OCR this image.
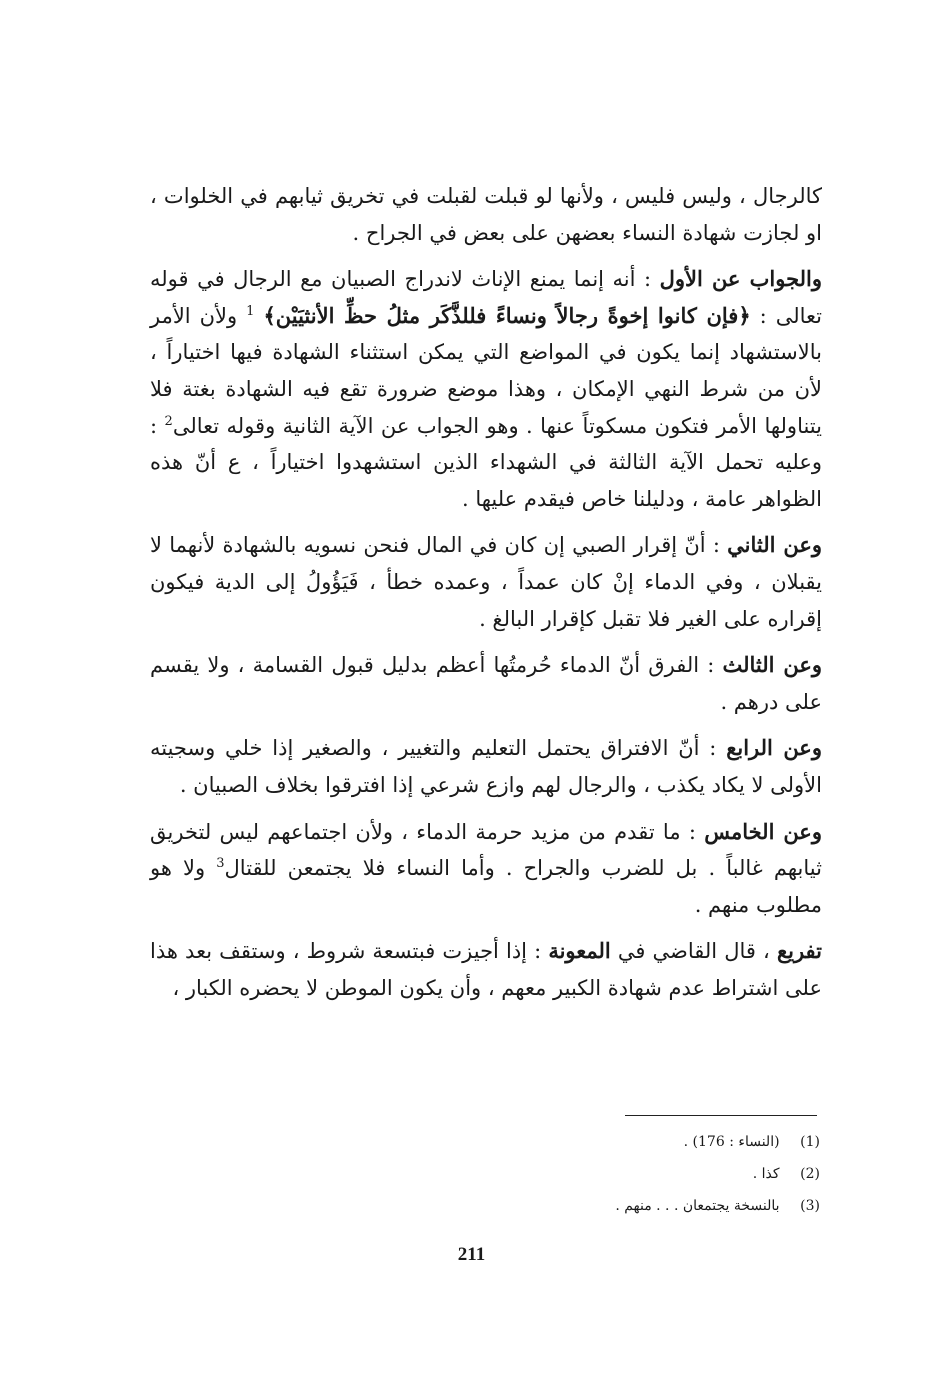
كالرجال ، وليس فليس ، ولأنها لو قبلت لقبلت في تخريق ثيابهم في الخلوات ، او لجازت شهادة النساء بعضهن على بعض في الجراح .

والجواب عن الأول : أنه إنما يمنع الإناث لاندراج الصبيان مع الرجال في قوله تعالى : ﴿فإن كانوا إخوةً رجالاً ونساءً فللذَّكَر مثلُ حظِّ الأنثيَيْن﴾ $^1$ ولأن الأمر بالاستشهاد إنما يكون في المواضع التي يمكن استثناء الشهادة فيها اختياراً ، لأن من شرط النهي الإمكان ، وهذا موضع ضرورة تقع فيه الشهادة بغتة فلا يتناولها الأمر فتكون مسكوتاً عنها . وهو الجواب عن الآية الثانية وقوله تعالى$^2$ : وعليه تحمل الآية الثالثة في الشهداء الذين استشهدوا اختياراً ، ع أنّ هذه الظواهر عامة ، ودليلنا خاص فيقدم عليها .

وعن الثاني : أنّ إقرار الصبي إن كان في المال فنحن نسويه بالشهادة لأنهما لا يقبلان ، وفي الدماء إنْ كان عمداً ، وعمده خطأ ، فَيَؤُولُ إلى الدية فيكون إقراره على الغير فلا تقبل كإقرار البالغ .

وعن الثالث : الفرق أنّ الدماء حُرمتُها أعظم بدليل قبول القسامة ، ولا يقسم على درهم .

وعن الرابع : أنّ الافتراق يحتمل التعليم والتغيير ، والصغير إذا خلي وسجيته الأولى لا يكاد يكذب ، والرجال لهم وازع شرعي إذا افترقوا بخلاف الصبيان .

وعن الخامس : ما تقدم من مزيد حرمة الدماء ، ولأن اجتماعهم ليس لتخريق ثيابهم غالباً . بل للضرب والجراح . وأما النساء فلا يجتمعن للقتال$^3$ ولا هو مطلوب منهم .

تفريع ، قال القاضي في المعونة : إذا أجيزت فبتسعة شروط ، وستقف بعد هذا على اشتراط عدم شهادة الكبير معهم ، وأن يكون الموطن لا يحضره الكبار ،

(1) (النساء : 176) .
(2) كذا .
(3) بالنسخة يجتمعان . . . منهم .
211
